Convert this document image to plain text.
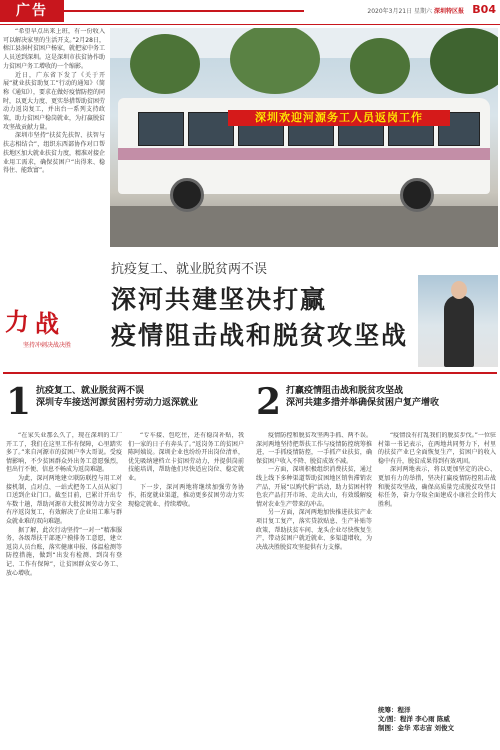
广告	2020年3月21日 星期六 深圳特区报 B04

“希望早点出来上班，有一份收入可以解决家里的生活开支。”2月28日，榕江县洞村贫困户杨家，就把家中务工人员送到深圳。这是深圳市扶贫协作助力贫困户务工增收的一个缩影。

近日，广东省下发了《关于开展“就业扶贫助复工”行动的通知》（简称《通知》），要求在做好疫情防控的同时，以更大力度、更实举措帮助贫困劳动力返岗复工，并出台一系列支持政策，助力贫困户稳岗就业，为打赢脱贫攻坚战贡献力量。

深圳市坚持“扶贫先扶智、扶智与扶志相结合”，组织东西部协作对口帮扶地区加大就业扶贫力度，精准对接企业用工需求，确保贫困户“出得来、稳得住、能致富”。

深圳欢迎河源务工人员返岗工作
力 战
坚持冲刺决战决胜
抗疫复工、就业脱贫两不误
深河共建坚决打赢
疫情阻击战和脱贫攻坚战
1 抗疫复工、就业脱贫两不误
深圳专车接送河源贫困村劳动力返深就业	2 打赢疫情阻击战和脱贫攻坚战
深河共建多措并举确保贫困户复产增收

“在家失业那么久了，现在深圳的工厂开工了，我们在这里工作有保障，心里踏实多了。”来自河源市的贫困户李大哥说。受疫情影响，不少贫困群众外出务工意愿强烈，但出行不便、信息不畅成为返岗难题。

为此，深河两地建立联防联控与用工对接机制，点对点、一站式把务工人员从家门口送到企业门口。截至目前，已累计开出专车数十趟，帮助河源市大批贫困劳动力安全有序返岗复工，有效解决了企业用工难与群众就业难的双向难题。

据了解，此次行动坚持“一对一”精准服务，各级帮扶干部逐户摸排务工意愿，建立返岗人员台账，落实健康申报、体温检测等防控措施，做到“出发有检测、到岗有登记、工作有保障”，让贫困群众安心务工、放心增收。

“专车接、包吃住，还有稳岗补贴，我们一家的日子有奔头了。”返岗务工的贫困户陈阿姨说。深圳企业也纷纷开出岗位清单，优先吸纳建档立卡贫困劳动力，并提供岗前技能培训，帮助他们尽快适应岗位、稳定就业。

下一步，深河两地将继续加强劳务协作，拓宽就业渠道，推动更多贫困劳动力实现稳定就业、持续增收。

疫情防控和脱贫攻坚两手抓、两不误。深河两地坚持把帮扶工作与疫情防控统筹推进，一手抓疫情防控，一手抓产业扶贫，确保贫困户收入不降、脱贫成效不减。

一方面，深圳积极组织消费扶贫，通过线上线下多种渠道帮助贫困地区销售滞销农产品，开展“以购代捐”活动，助力贫困村特色农产品打开市场、走出大山，有效缓解疫情对农业生产带来的冲击。

另一方面，深河两地加快推进扶贫产业项目复工复产，落实贷款贴息、生产补贴等政策，帮助扶贫车间、龙头企业尽快恢复生产，带动贫困户就近就业、多渠道增收，为决战决胜脱贫攻坚提供有力支撑。

“疫情没有打乱我们的脱贫步伐。”一位驻村第一书记表示，在两地共同努力下，村里的扶贫产业已全面恢复生产，贫困户的收入稳中有升，脱贫成果得到有效巩固。

深河两地表示，将以更加坚定的决心、更加有力的举措，坚决打赢疫情防控阻击战和脱贫攻坚战，确保高质量完成脱贫攻坚目标任务，奋力夺取全面建成小康社会的伟大胜利。

统筹：程洋
文/图：程洋 李心雨 陈威
制图：金华 邓志宙 刘俊文
